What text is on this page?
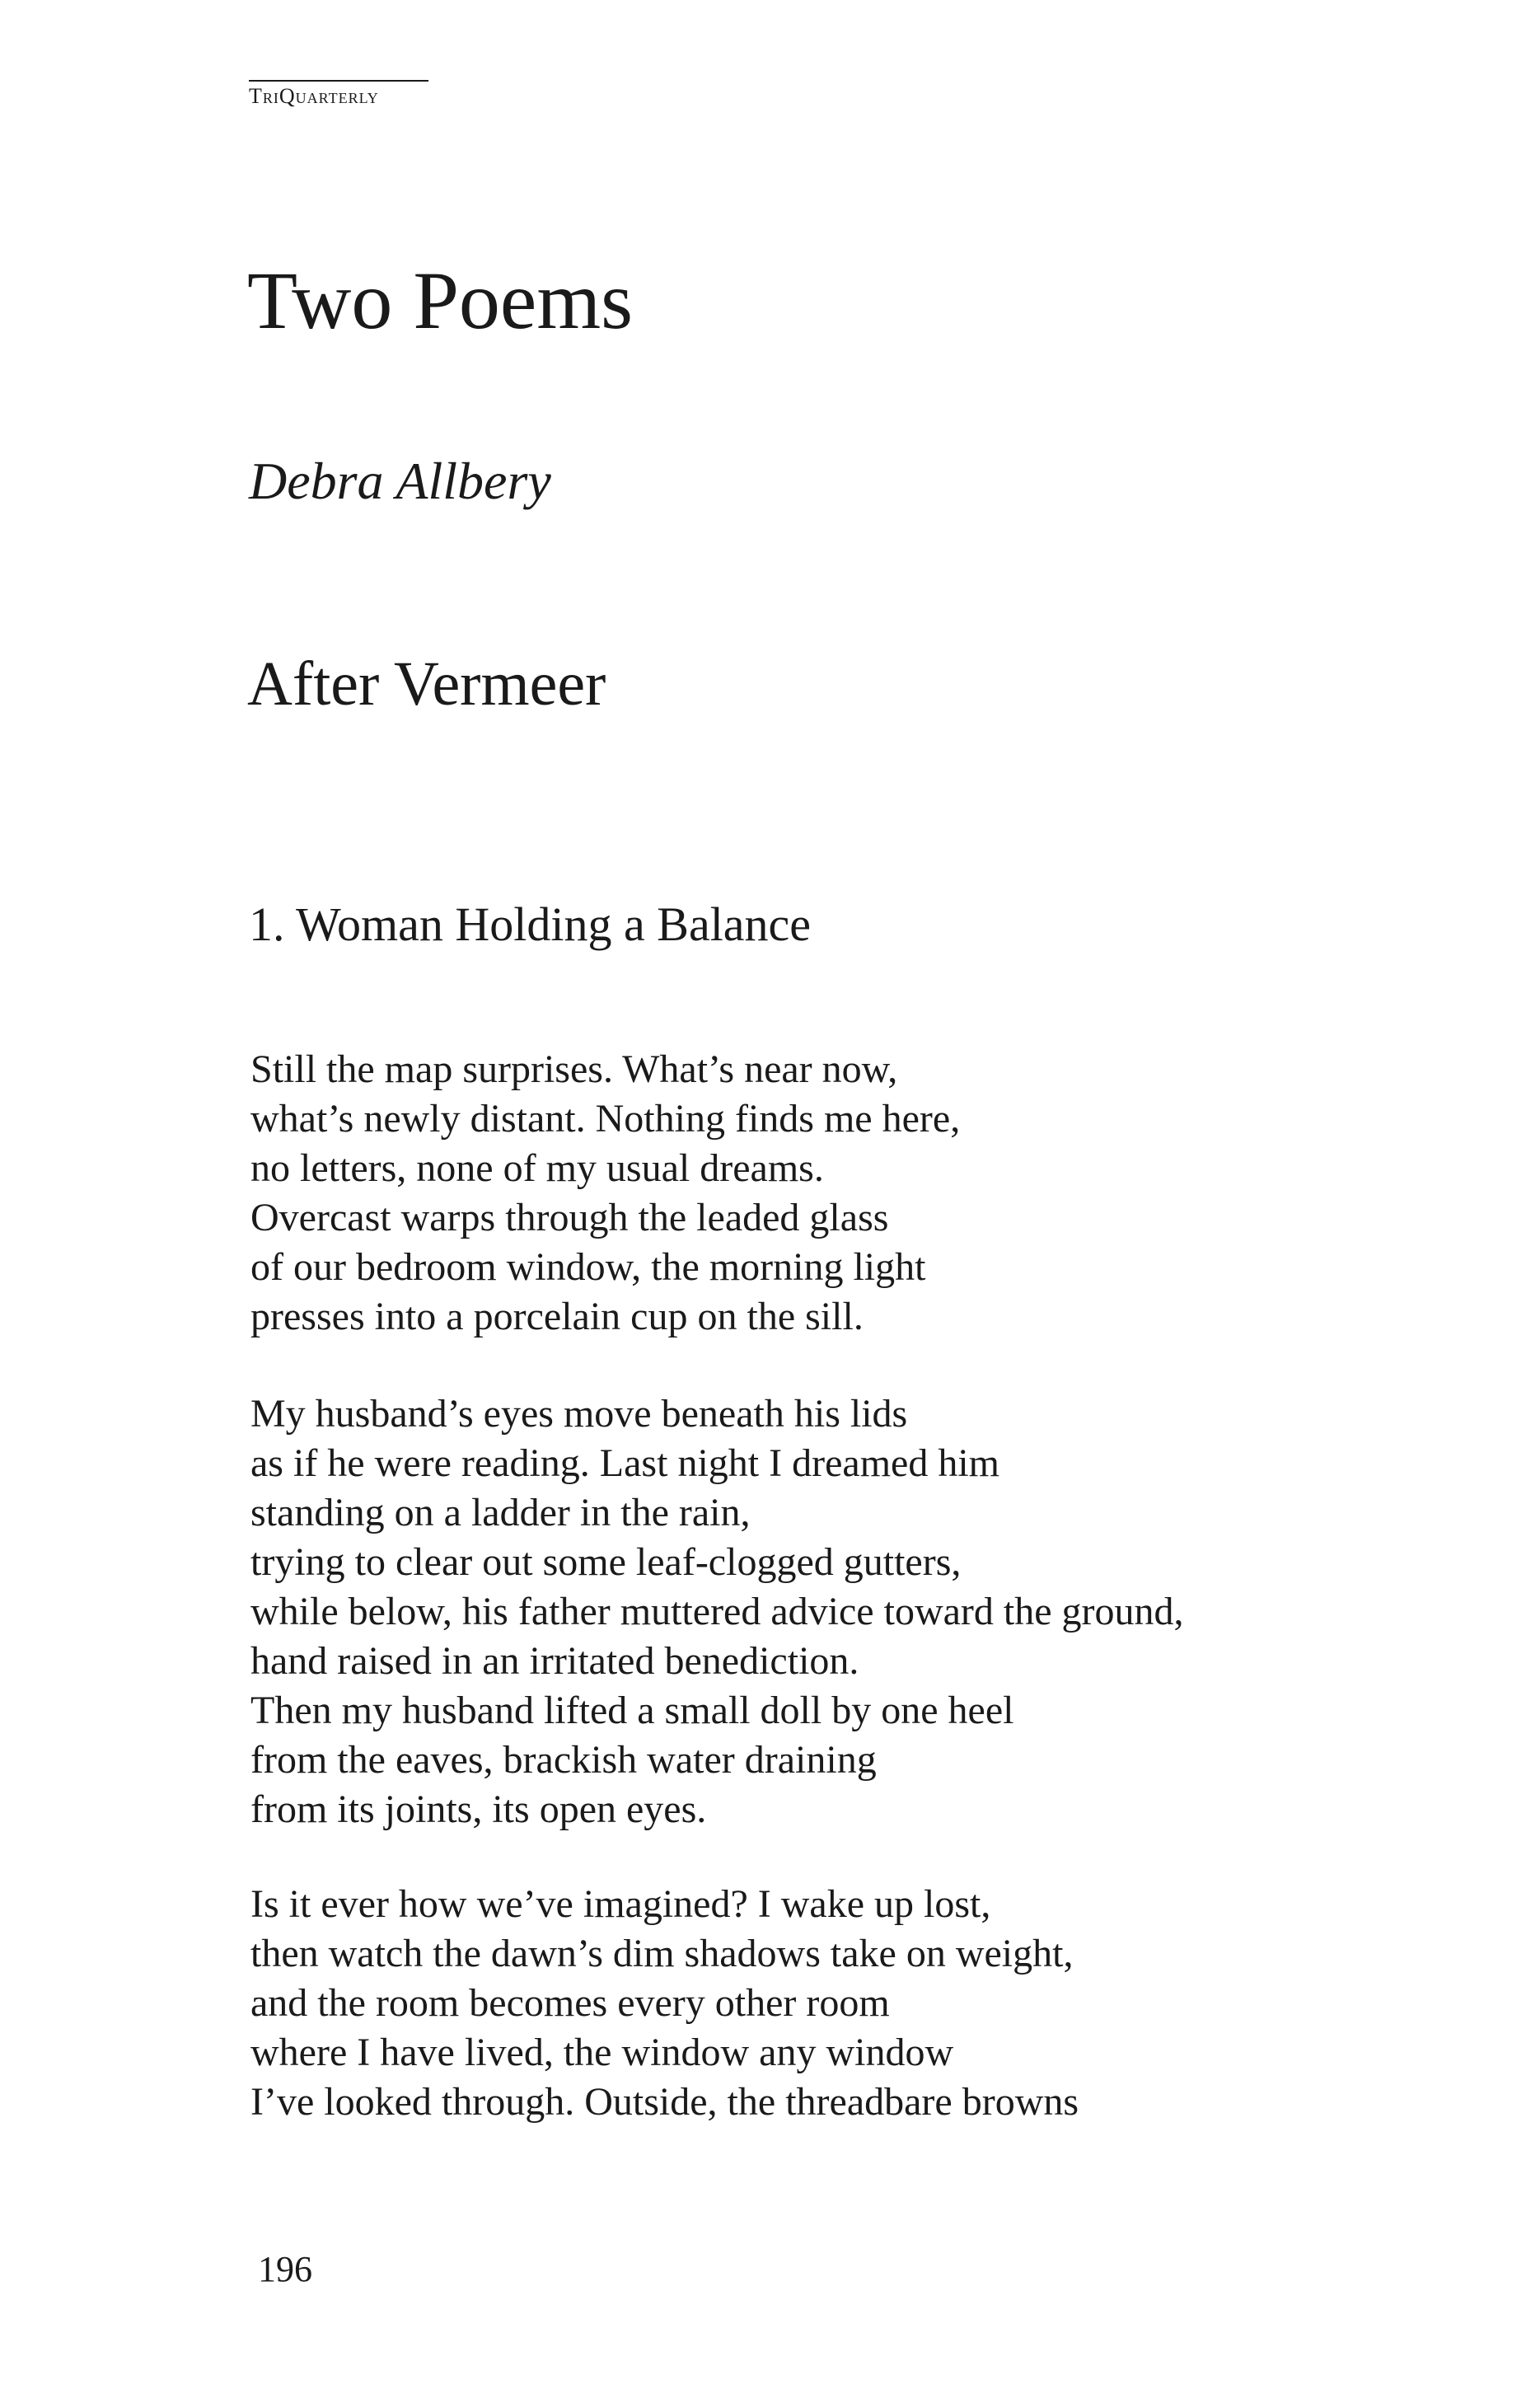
TriQuarterly
Two Poems
Debra Allbery
After Vermeer
1. Woman Holding a Balance

Still the map surprises. What’s near now,
what’s newly distant. Nothing finds me here,
no letters, none of my usual dreams.
Overcast warps through the leaded glass
of our bedroom window, the morning light
presses into a porcelain cup on the sill.

My husband’s eyes move beneath his lids
as if he were reading. Last night I dreamed him
standing on a ladder in the rain,
trying to clear out some leaf-clogged gutters,
while below, his father muttered advice toward the ground,
hand raised in an irritated benediction.
Then my husband lifted a small doll by one heel
from the eaves, brackish water draining
from its joints, its open eyes.

Is it ever how we’ve imagined? I wake up lost,
then watch the dawn’s dim shadows take on weight,
and the room becomes every other room
where I have lived, the window any window
I’ve looked through. Outside, the threadbare browns

196
